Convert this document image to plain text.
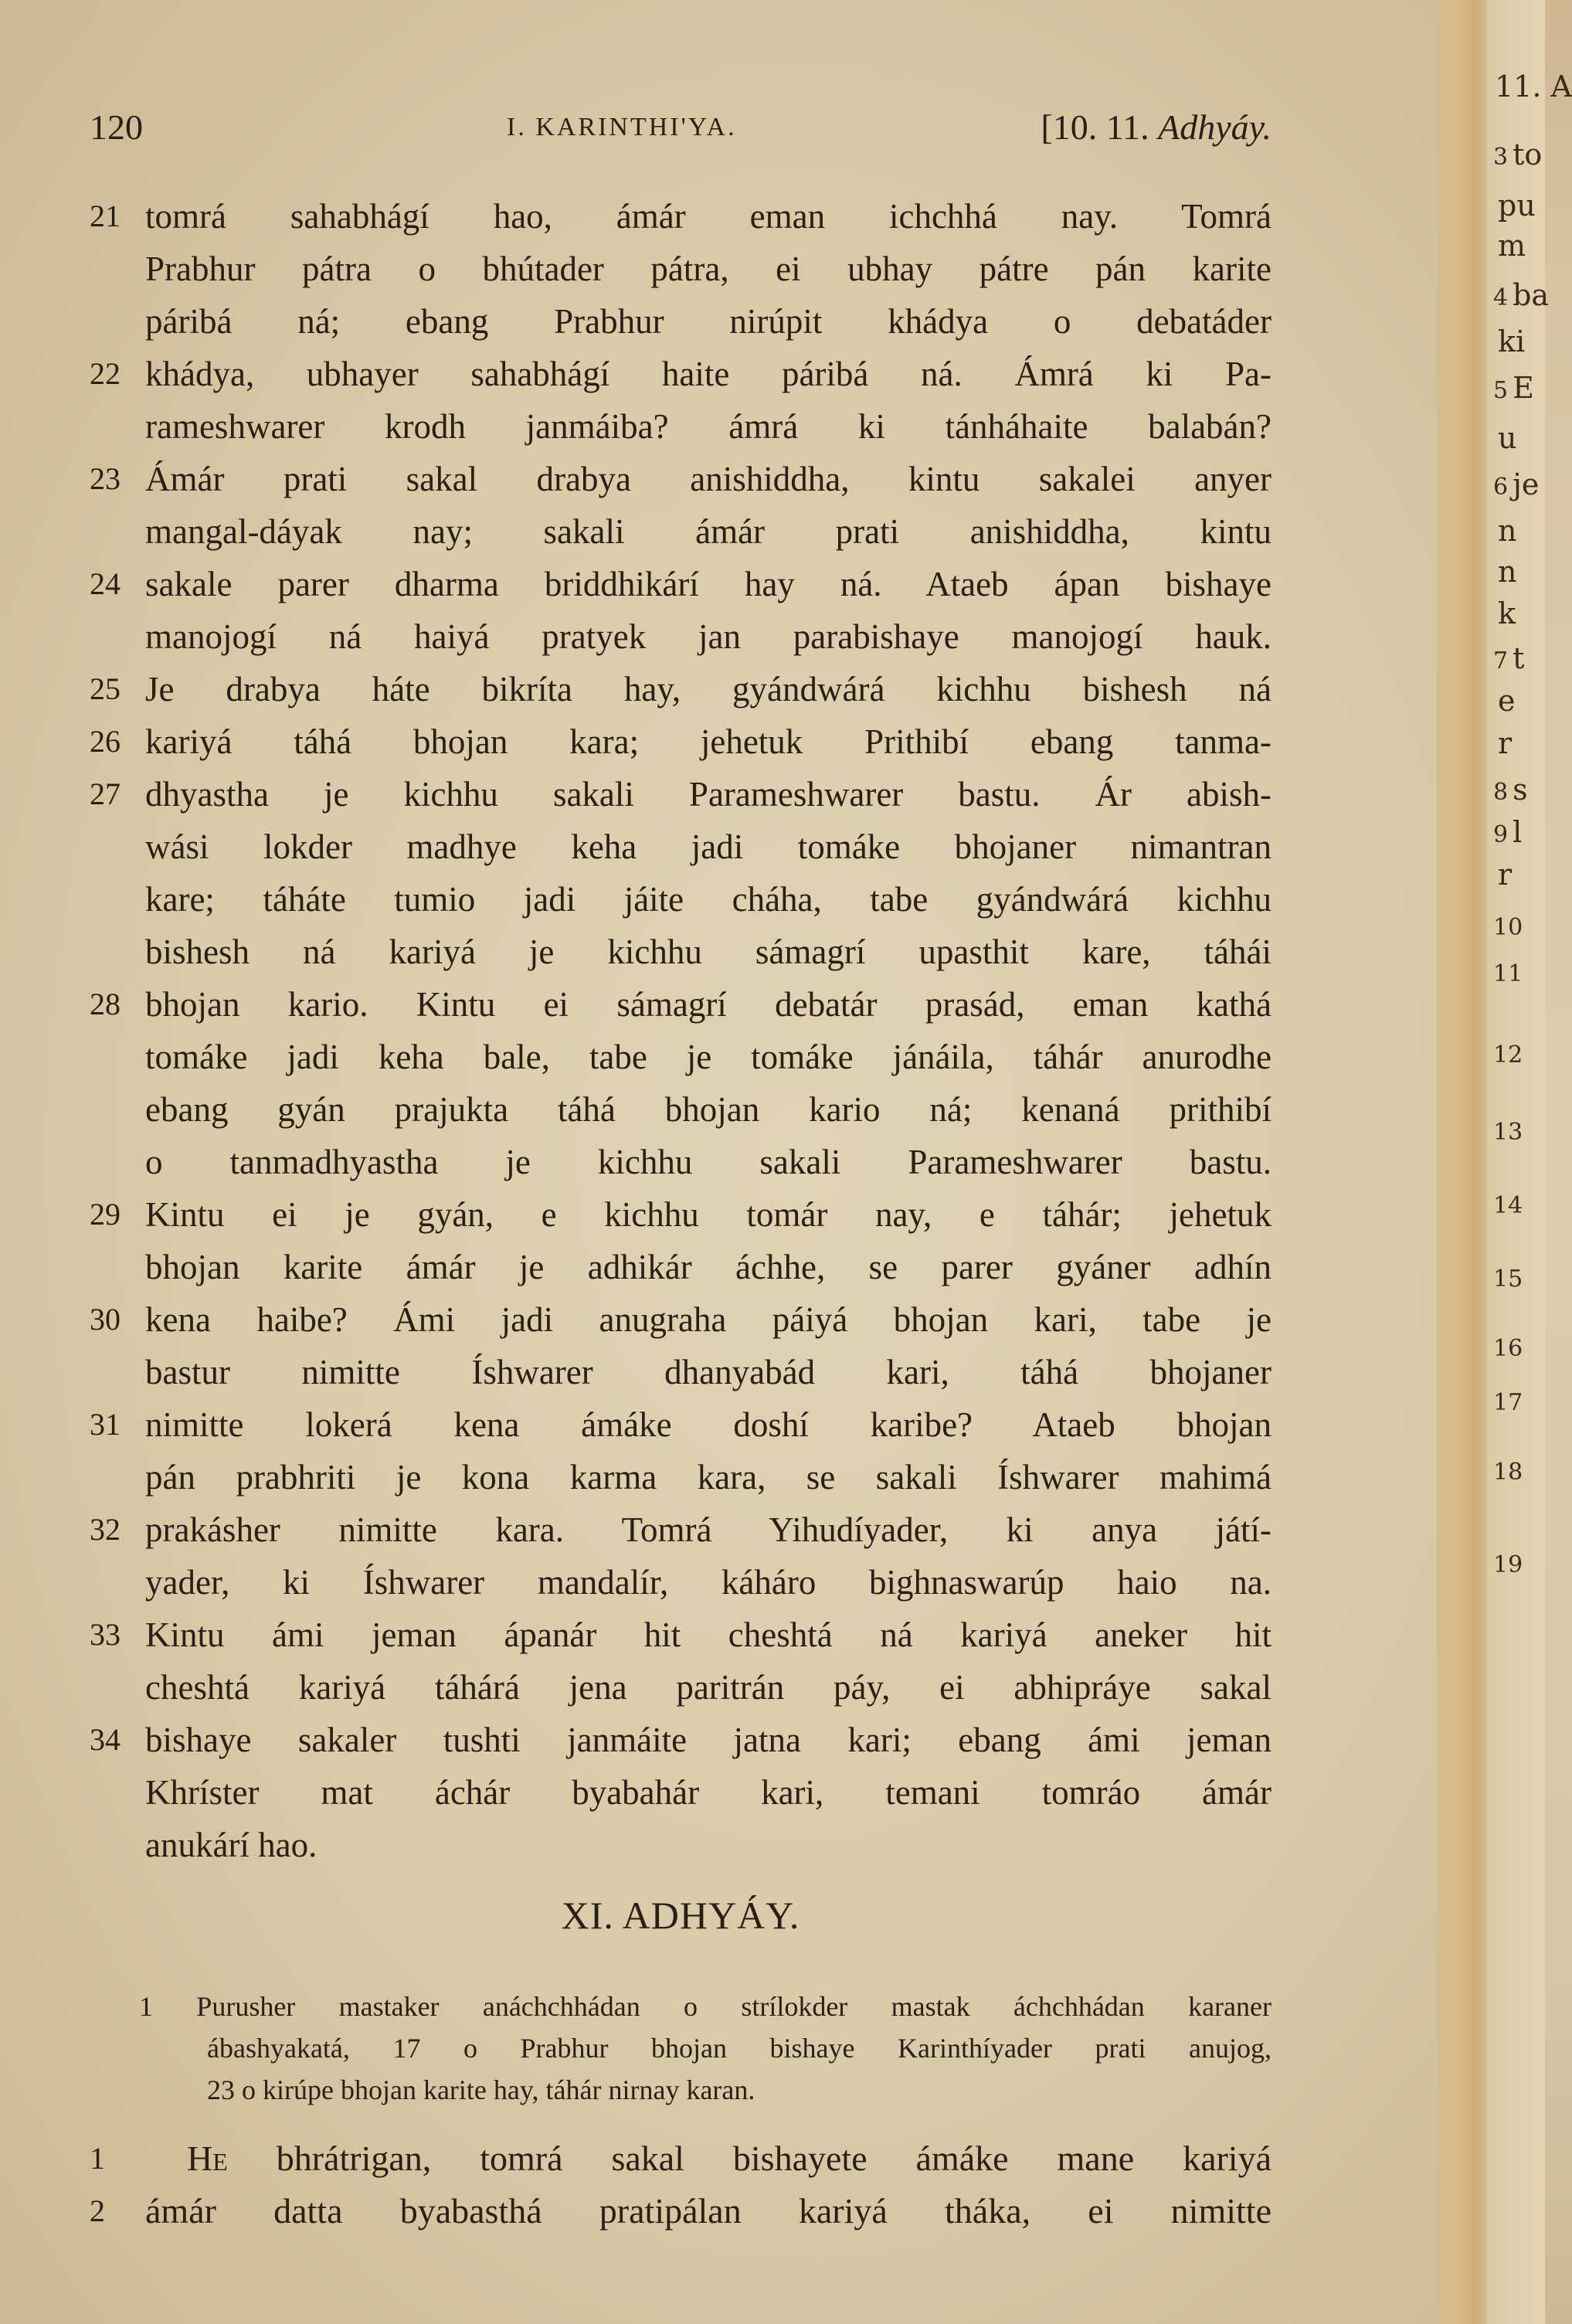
120	I. KARINTHI'YA.	[10. 11. Adhyáy.
21 tomrá sahabhágí hao, ámár eman ichchhá nay. Tomrá
Prabhur pátra o bhútader pátra, ei ubhay pátre pán karite
páribá ná; ebang Prabhur nirúpit khádya o debatáder
22 khádya, ubhayer sahabhágí haite páribá ná. Ámrá ki Pa-
rameshwarer krodh janmáiba? ámrá ki tánháhaite balabán?
23 Ámár prati sakal drabya anishiddha, kintu sakalei anyer
mangal-dáyak nay; sakali ámár prati anishiddha, kintu
24 sakale parer dharma briddhikárí hay ná. Ataeb ápan bishaye
manojogí ná haiyá pratyek jan parabishaye manojogí hauk.
25 Je drabya háte bikríta hay, gyándwárá kichhu bishesh ná
26 kariyá táhá bhojan kara; jehetuk Prithibí ebang tanma-
27 dhyastha je kichhu sakali Parameshwarer bastu. Ár abish-
wási lokder madhye keha jadi tomáke bhojaner nimantran
kare; táháte tumio jadi jáite cháha, tabe gyándwárá kichhu
bishesh ná kariyá je kichhu sámagrí upasthit kare, táhái
28 bhojan kario. Kintu ei sámagrí debatár prasád, eman kathá
tomáke jadi keha bale, tabe je tomáke jánáila, táhár anurodhe
ebang gyán prajukta táhá bhojan kario ná; kenaná prithibí
o tanmadhyastha je kichhu sakali Parameshwarer bastu.
29 Kintu ei je gyán, e kichhu tomár nay, e táhár; jehetuk
bhojan karite ámár je adhikár áchhe, se parer gyáner adhín
30 kena haibe? Ámi jadi anugraha páiyá bhojan kari, tabe je
bastur nimitte Íshwarer dhanyabád kari, táhá bhojaner
31 nimitte lokerá kena ámáke doshí karibe? Ataeb bhojan
pán prabhriti je kona karma kara, se sakali Íshwarer mahimá
32 prakásher nimitte kara. Tomrá Yihudíyader, ki anya játí-
yader, ki Íshwarer mandalír, káháro bighnaswarúp haio na.
33 Kintu ámi jeman ápanár hit cheshtá ná kariyá aneker hit
cheshtá kariyá táhárá jena paritrán páy, ei abhipráye sakal
34 bishaye sakaler tushti janmáite jatna kari; ebang ámi jeman
Khríster mat áchár byabahár kari, temani tomráo ámár
anukárí hao.
XI. ADHYÁY.
1 Purusher mastaker anáchchhádan o strílokder mastak áchchhádan karaner
ábashyakatá, 17 o Prabhur bhojan bishaye Karinthíyader prati anujog,
23 o kirúpe bhojan karite hay, táhár nirnay karan.
1	He bhrátrigan, tomrá sakal bishayete ámáke mane kariyá
2	ámár datta byabasthá pratipálan kariyá tháka, ei nimitte
11. A
3 to
pu
m
4 ba
ki
5 E
u
6 je
n
n
k
7 t
e
r
8 s
9 l
r
10
11
12
13
14
15
16
17
18
19
